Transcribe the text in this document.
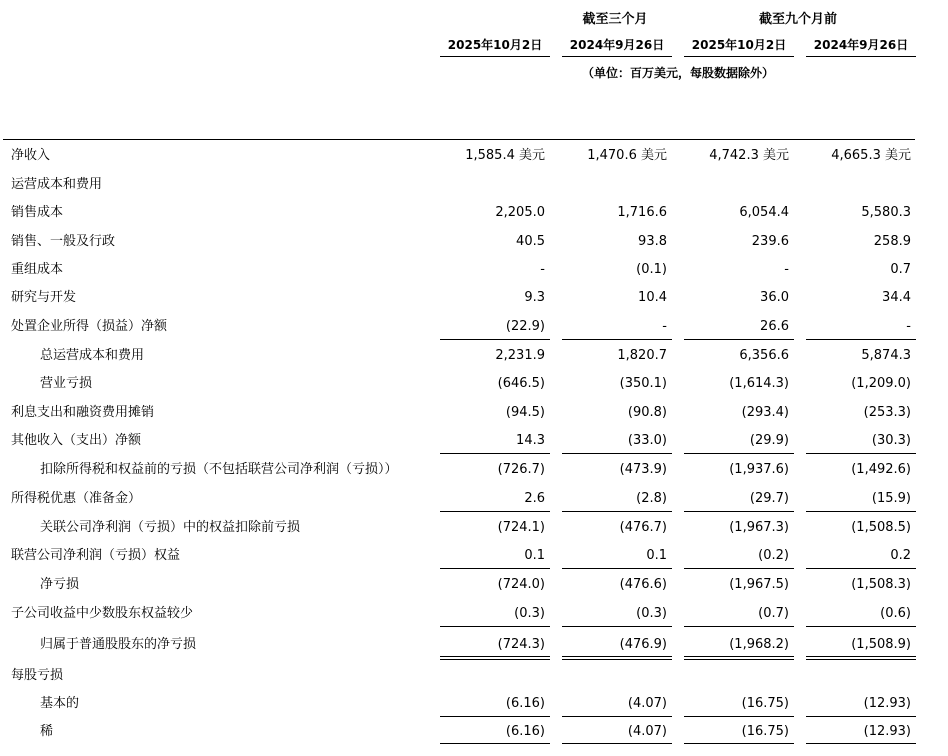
截至三个月	截至九个月前
2025年10月2日	2024年9月26日	2025年10月2日	2024年9月26日
（单位：百万美元，每股数据除外）
净收入	1,585.4 美元	1,470.6 美元	4,742.3 美元	4,665.3 美元
运营成本和费用
销售成本	2,205.0	1,716.6	6,054.4	5,580.3
销售、一般及行政	40.5	93.8	239.6	258.9
重组成本	-	(0.1)	-	0.7
研究与开发	9.3	10.4	36.0	34.4
处置企业所得（损益）净额	(22.9)	-	26.6	-
总运营成本和费用	2,231.9	1,820.7	6,356.6	5,874.3
营业亏损	(646.5)	(350.1)	(1,614.3)	(1,209.0)
利息支出和融资费用摊销	(94.5)	(90.8)	(293.4)	(253.3)
其他收入（支出）净额	14.3	(33.0)	(29.9)	(30.3)
扣除所得税和权益前的亏损（不包括联营公司净利润（亏损））	(726.7)	(473.9)	(1,937.6)	(1,492.6)
所得税优惠（准备金）	2.6	(2.8)	(29.7)	(15.9)
关联公司净利润（亏损）中的权益扣除前亏损	(724.1)	(476.7)	(1,967.3)	(1,508.5)
联营公司净利润（亏损）权益	0.1	0.1	(0.2)	0.2
净亏损	(724.0)	(476.6)	(1,967.5)	(1,508.3)
子公司收益中少数股东权益较少	(0.3)	(0.3)	(0.7)	(0.6)
归属于普通股股东的净亏损	(724.3)	(476.9)	(1,968.2)	(1,508.9)
每股亏损
基本的	(6.16)	(4.07)	(16.75)	(12.93)
稀	(6.16)	(4.07)	(16.75)	(12.93)
